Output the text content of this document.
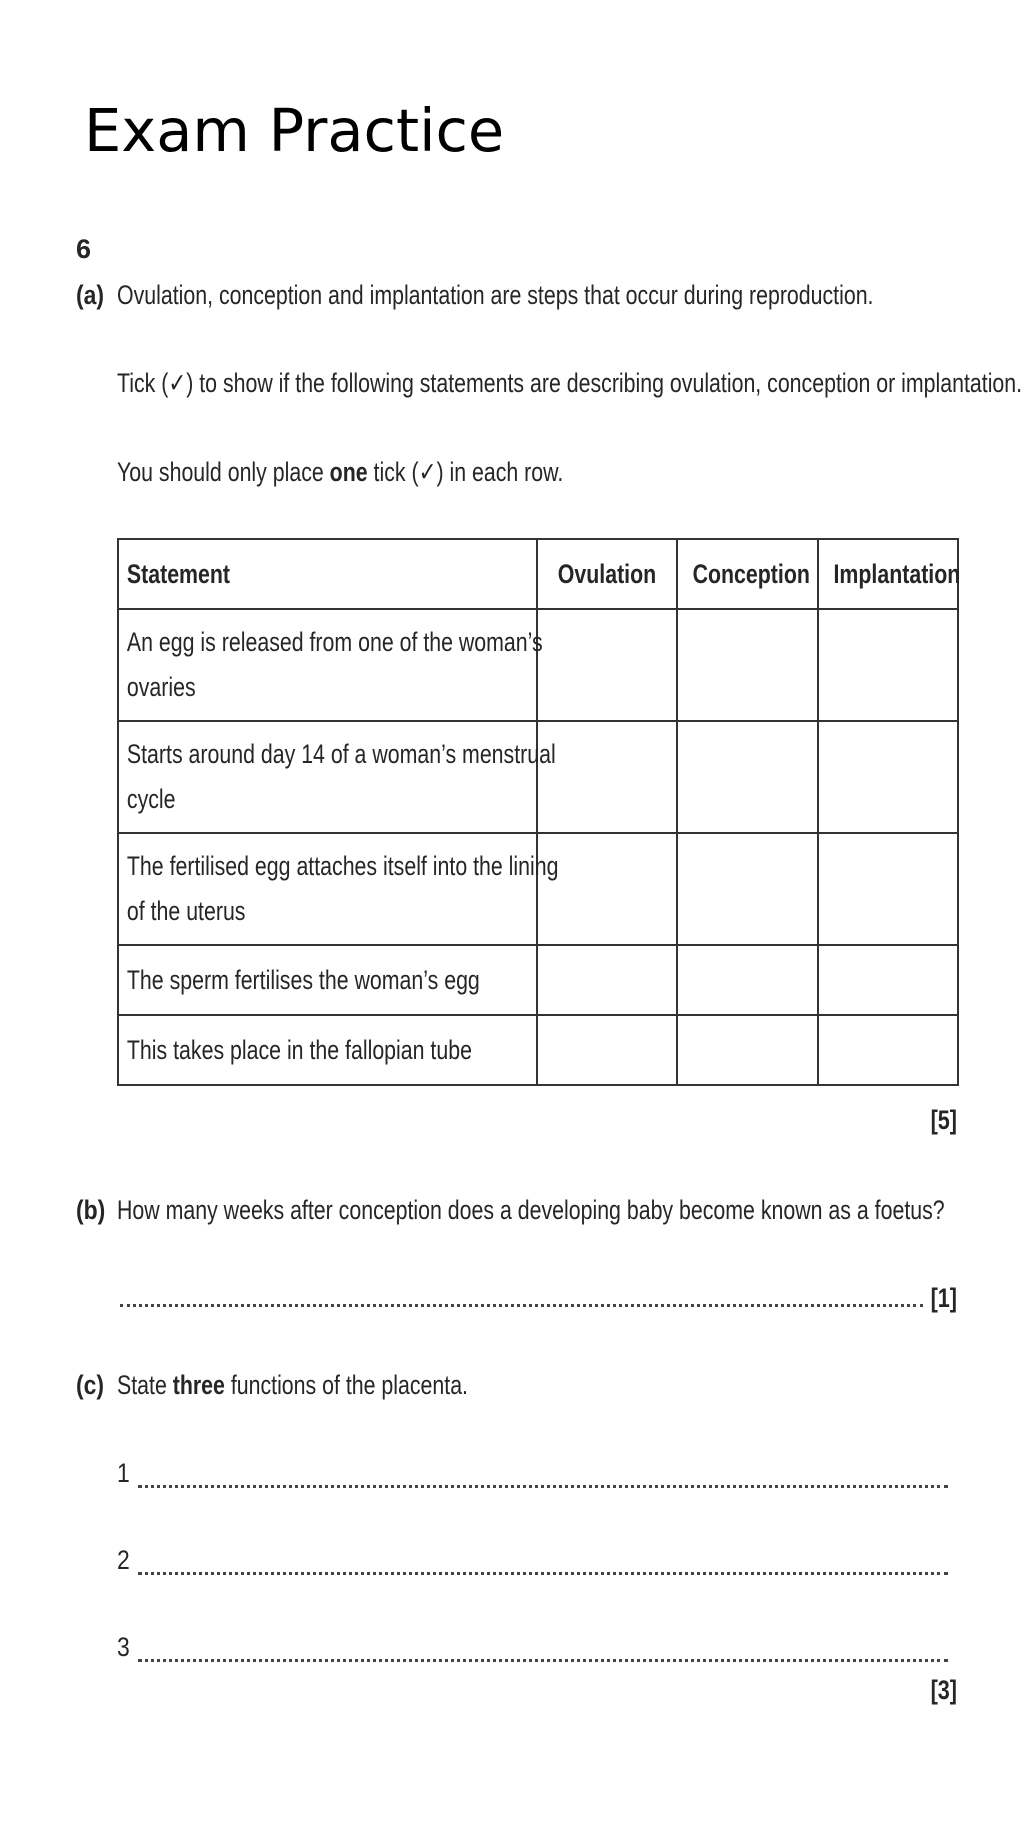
Exam Practice
6
(a) Ovulation, conception and implantation are steps that occur during reproduction.
Tick (✓) to show if the following statements are describing ovulation, conception or implantation.
You should only place one tick (✓) in each row.
Statement	Ovulation	Conception	Implantation

An egg is released from one of the woman’s
ovaries			

Starts around day 14 of a woman’s menstrual
cycle			

The fertilised egg attaches itself into the lining
of the uterus			

The sperm fertilises the woman’s egg			

This takes place in the fallopian tube			

[5]
(b) How many weeks after conception does a developing baby become known as a foetus?
[1]
(c) State three functions of the placenta.
1
2
3
[3]
